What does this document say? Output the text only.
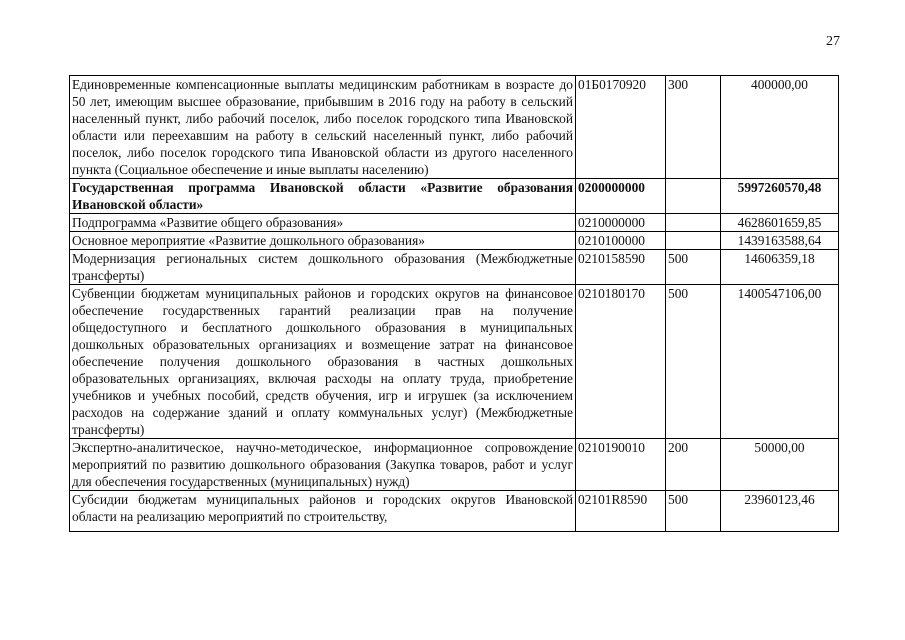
27
Единовременные компенсационные выплаты медицинским работникам в возрасте до 50 лет, имеющим высшее образование, прибывшим в 2016 году на работу в сельский населенный пункт, либо рабочий поселок, либо поселок городского типа Ивановской области или переехавшим на работу в сельский населенный пункт, либо рабочий поселок, либо поселок городского типа Ивановской области из другого населенного пункта (Социальное обеспечение и иные выплаты населению)	01Б0170920	300	400000,00
Государственная программа Ивановской области «Развитие образования Ивановской области»	0200000000		5997260570,48
Подпрограмма «Развитие общего образования»	0210000000		4628601659,85
Основное мероприятие «Развитие дошкольного образования»	0210100000		1439163588,64
Модернизация региональных систем дошкольного образования (Межбюджетные трансферты)	0210158590	500	14606359,18
Субвенции бюджетам муниципальных районов и городских округов на финансовое обеспечение государственных гарантий реализации прав на получение общедоступного и бесплатного дошкольного образования в муниципальных дошкольных образовательных организациях и возмещение затрат на финансовое обеспечение получения дошкольного образования в частных дошкольных образовательных организациях, включая расходы на оплату труда, приобретение учебников и учебных пособий, средств обучения, игр и игрушек (за исключением расходов на содержание зданий и оплату коммунальных услуг) (Межбюджетные трансферты)	0210180170	500	1400547106,00
Экспертно-аналитическое, научно-методическое, информационное сопровождение мероприятий по развитию дошкольного образования (Закупка товаров, работ и услуг для обеспечения государственных (муниципальных) нужд)	0210190010	200	50000,00
Субсидии бюджетам муниципальных районов и городских округов Ивановской области на реализацию мероприятий по строительству,	02101R8590	500	23960123,46
